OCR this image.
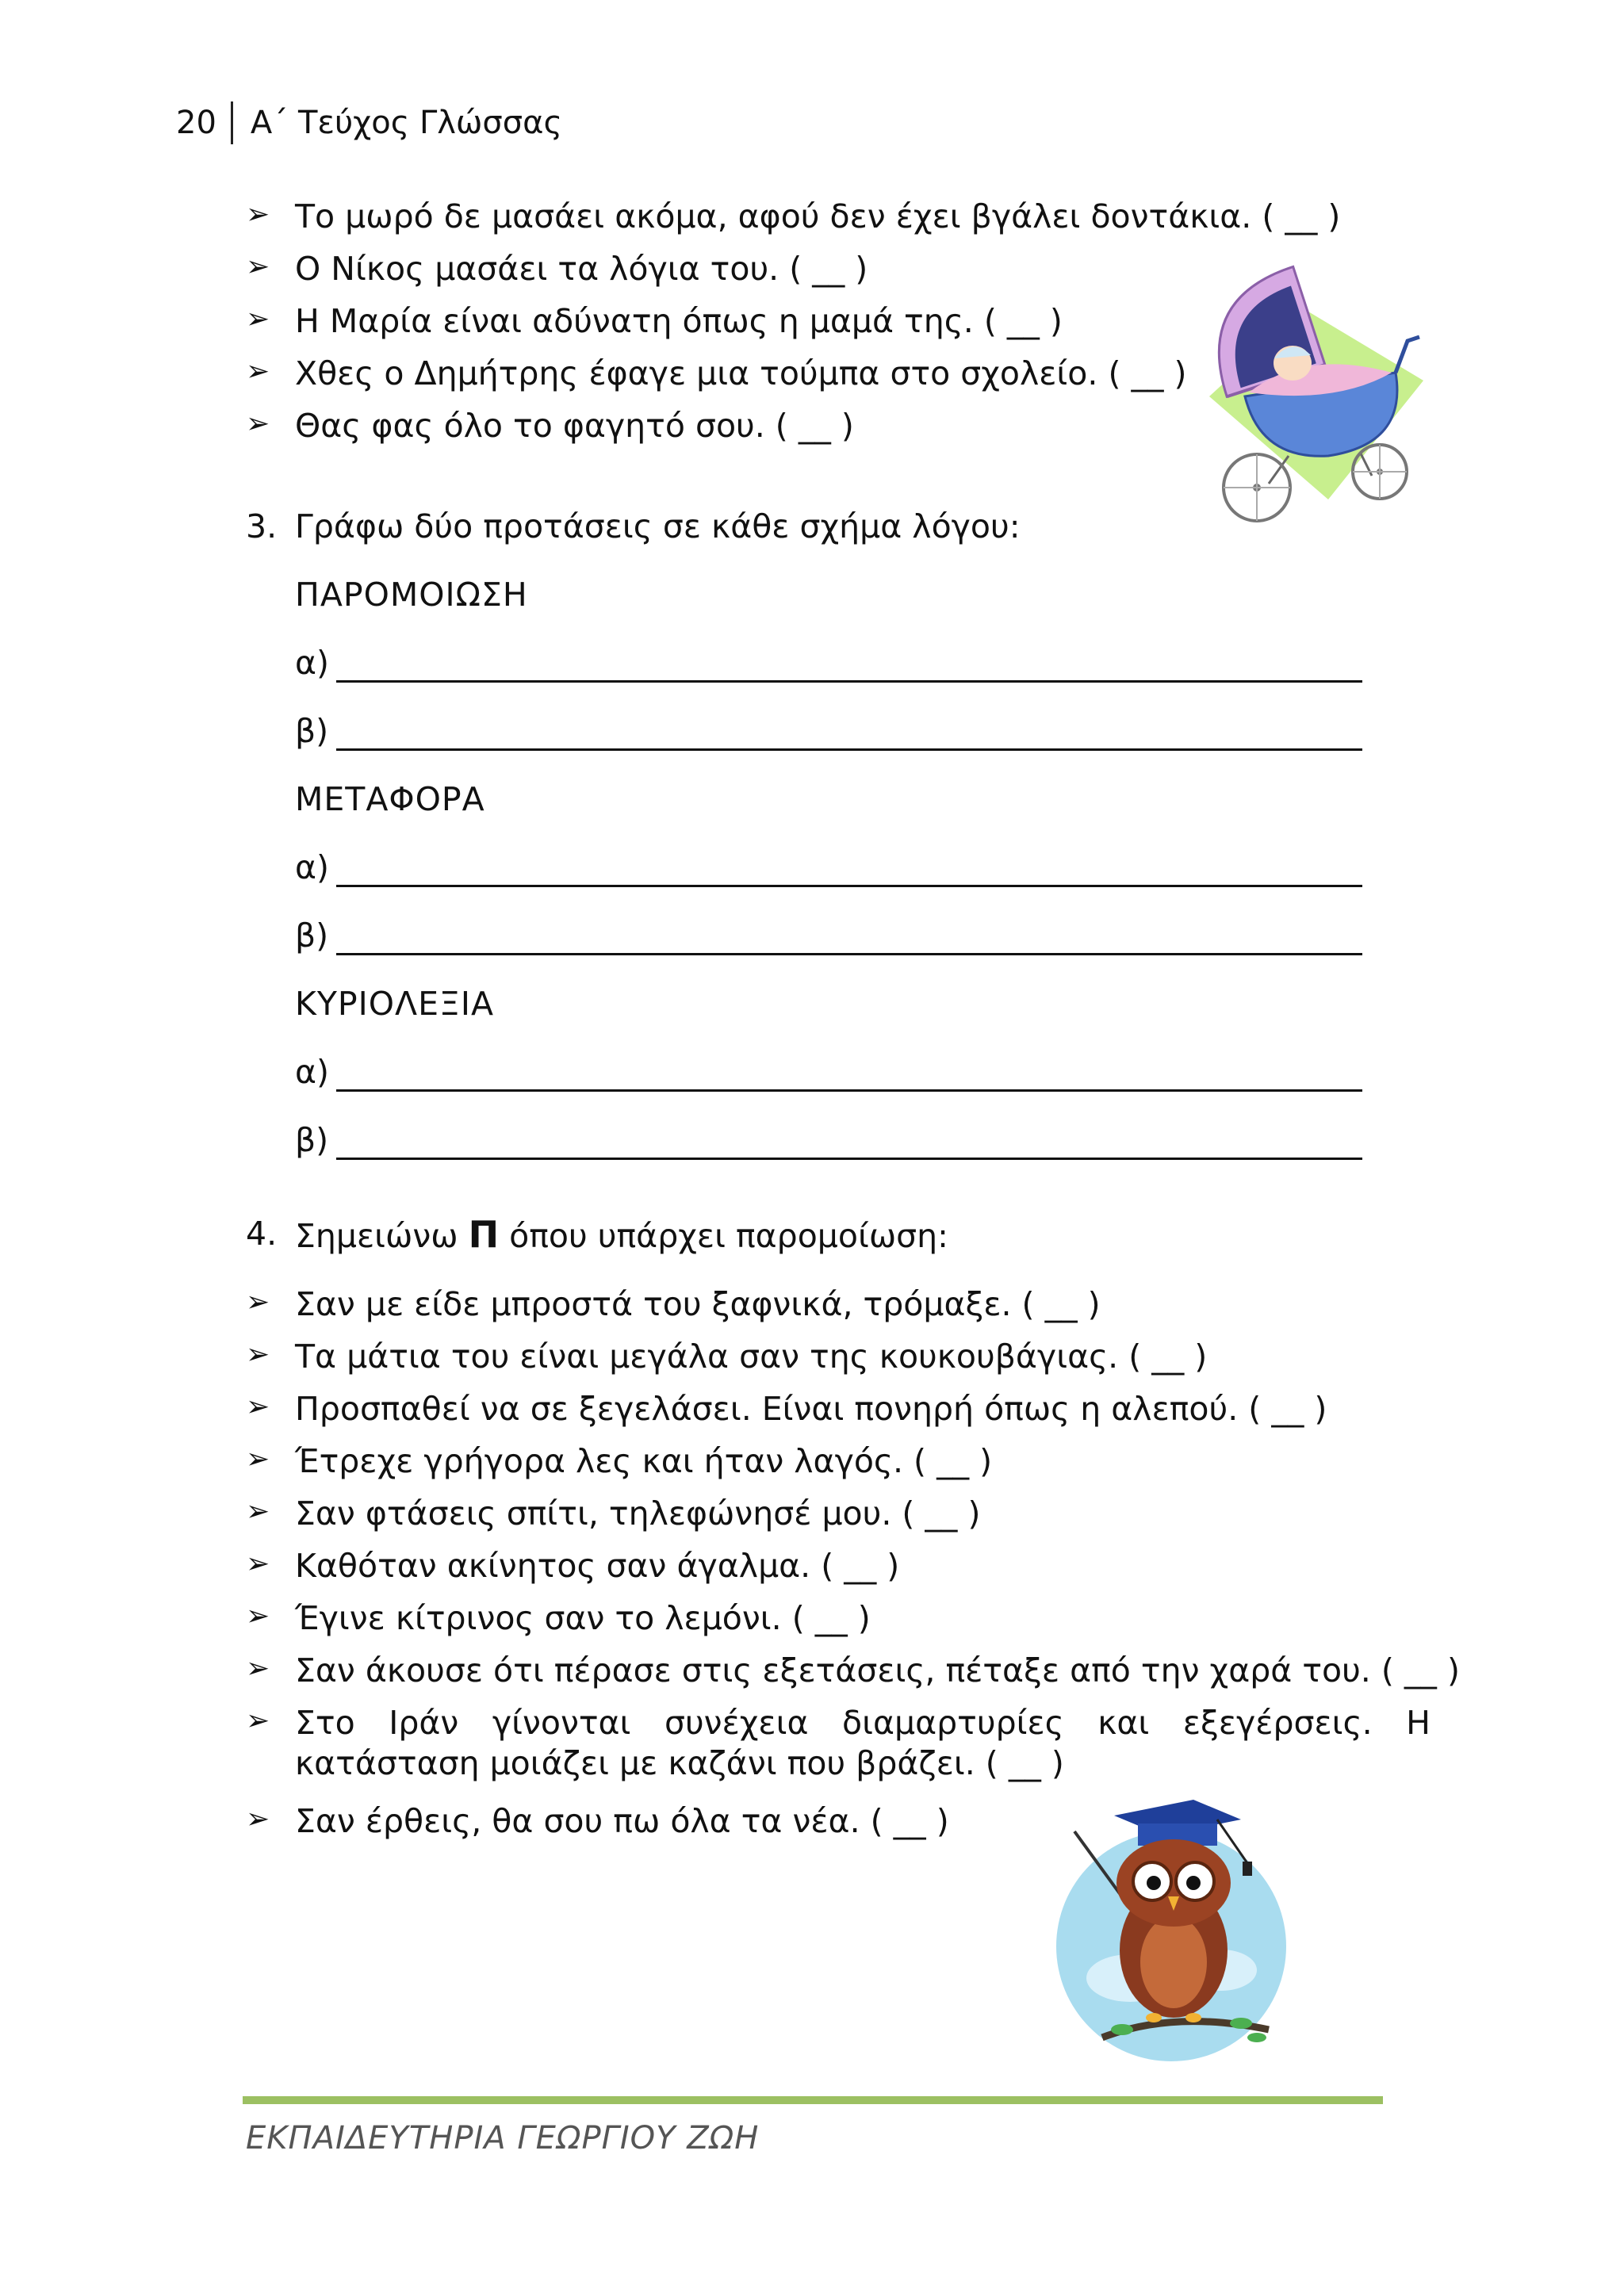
20	Α΄ Τεύχος Γλώσσας
➢ Το μωρό δε μασάει ακόμα, αφού δεν έχει βγάλει δοντάκια. ( __ )
➢ Ο Νίκος μασάει τα λόγια του. ( __ )
➢ Η Μαρία είναι αδύνατη όπως η μαμά της. ( __ )
➢ Χθες ο Δημήτρης έφαγε μια τούμπα στο σχολείο. ( __ )
➢ Θας φας όλο το φαγητό σου. ( __ )
3. Γράφω δύο προτάσεις σε κάθε σχήμα λόγου:
ΠΑΡΟΜΟΙΩΣΗ
α)
β)
ΜΕΤΑΦΟΡΑ
α)
β)
ΚΥΡΙΟΛΕΞΙΑ
α)
β)
4. Σημειώνω Π όπου υπάρχει παρομοίωση:
➢ Σαν με είδε μπροστά του ξαφνικά, τρόμαξε. ( __ )
➢ Τα μάτια του είναι μεγάλα σαν της κουκουβάγιας. ( __ )
➢ Προσπαθεί να σε ξεγελάσει. Είναι πονηρή όπως η αλεπού. ( __ )
➢ Έτρεχε γρήγορα λες και ήταν λαγός. ( __ )
➢ Σαν φτάσεις σπίτι, τηλεφώνησέ μου. ( __ )
➢ Καθόταν ακίνητος σαν άγαλμα. ( __ )
➢ Έγινε κίτρινος σαν το λεμόνι. ( __ )
➢ Σαν άκουσε ότι πέρασε στις εξετάσεις, πέταξε από την χαρά του. ( __ )
➢ Στο Ιράν γίνονται συνέχεια διαμαρτυρίες και εξεγέρσεις. Η κατάσταση μοιάζει με καζάνι που βράζει. ( __ )
➢ Σαν έρθεις, θα σου πω όλα τα νέα. ( __ )
ΕΚΠΑΙΔΕΥΤΗΡΙΑ ΓΕΩΡΓΙΟΥ ΖΩΗ
